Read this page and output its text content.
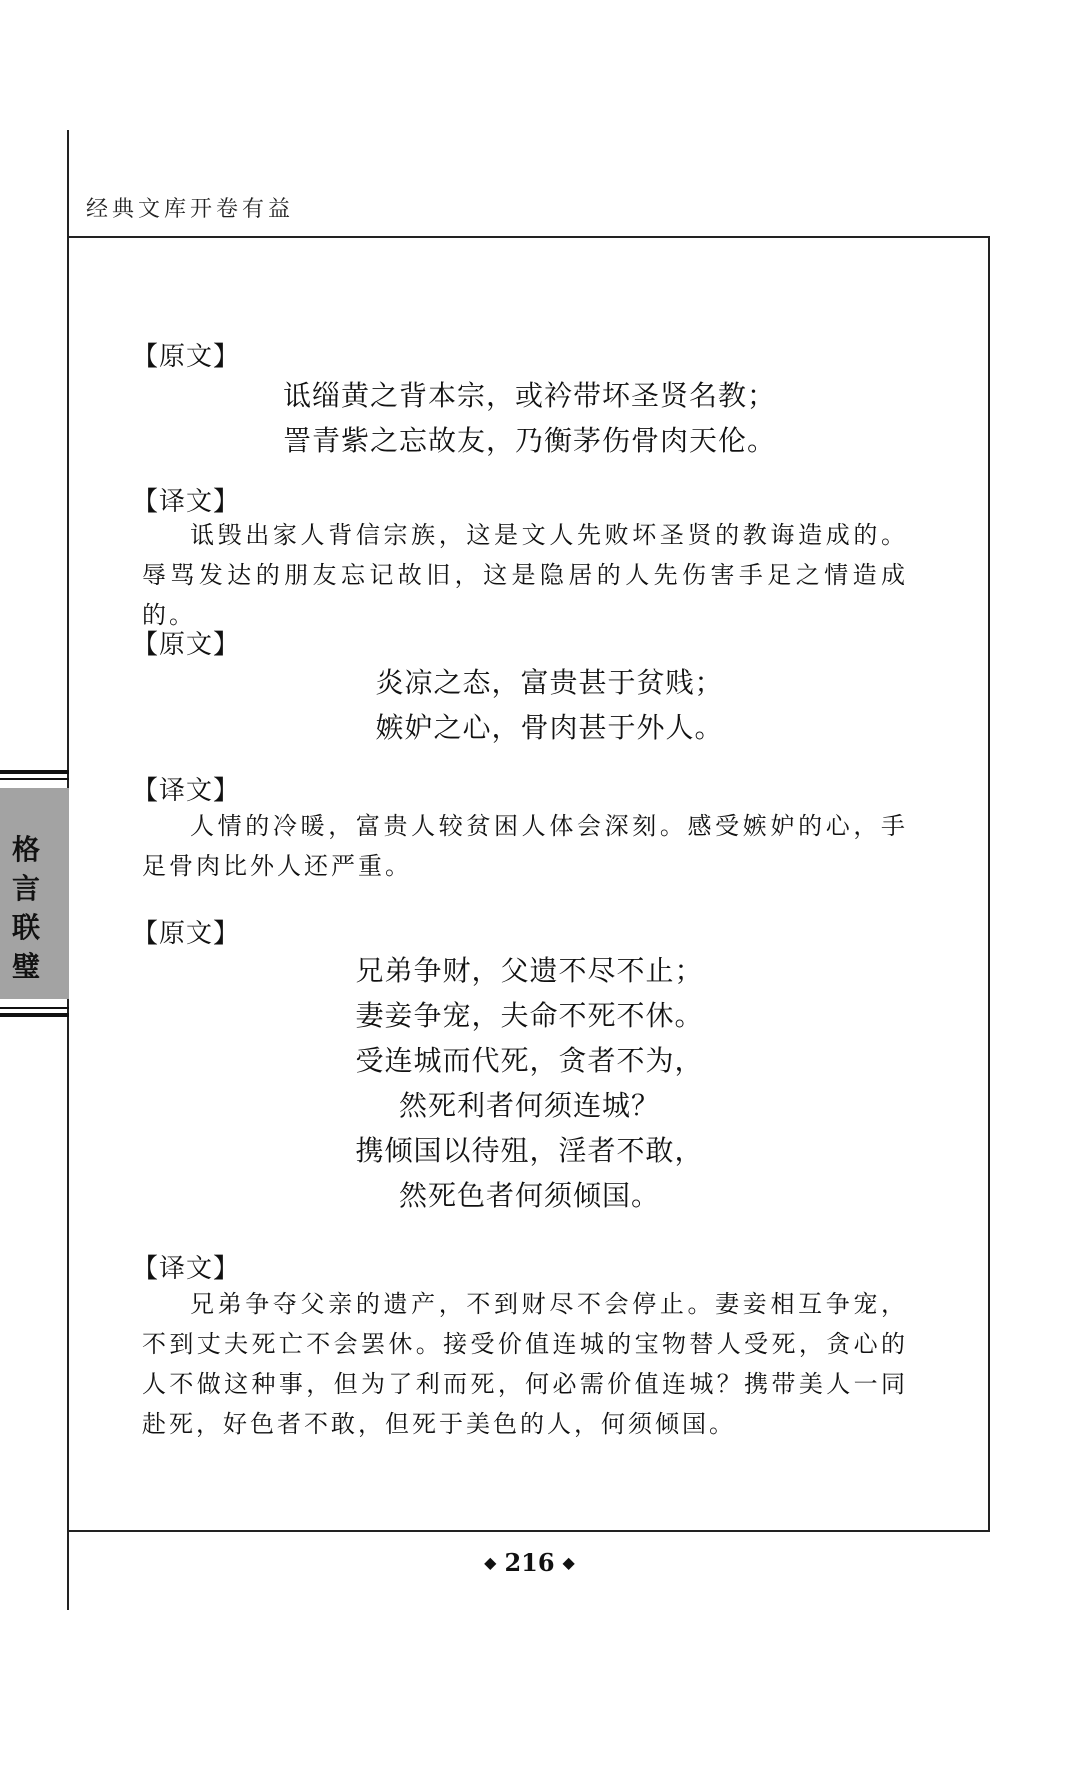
经典文库开卷有益
【原文】
诋缁黄之背本宗，或衿带坏圣贤名教；
詈青紫之忘故友，乃衡茅伤骨肉天伦。
【译文】
诋毁出家人背信宗族，这是文人先败坏圣贤的教诲造成的。辱骂发达的朋友忘记故旧，这是隐居的人先伤害手足之情造成的。
【原文】
炎凉之态，富贵甚于贫贱；
嫉妒之心，骨肉甚于外人。
【译文】
人情的冷暖，富贵人较贫困人体会深刻。感受嫉妒的心，手足骨肉比外人还严重。
【原文】
兄弟争财，父遗不尽不止；
妻妾争宠，夫命不死不休。
受连城而代死，贪者不为，
然死利者何须连城？
携倾国以待殂，淫者不敢，
然死色者何须倾国。
【译文】
兄弟争夺父亲的遗产，不到财尽不会停止。妻妾相互争宠，不到丈夫死亡不会罢休。接受价值连城的宝物替人受死，贪心的人不做这种事，但为了利而死，何必需价值连城？携带美人一同赴死，好色者不敢，但死于美色的人，何须倾国。
格
言
联
璧
◆ 216 ◆
